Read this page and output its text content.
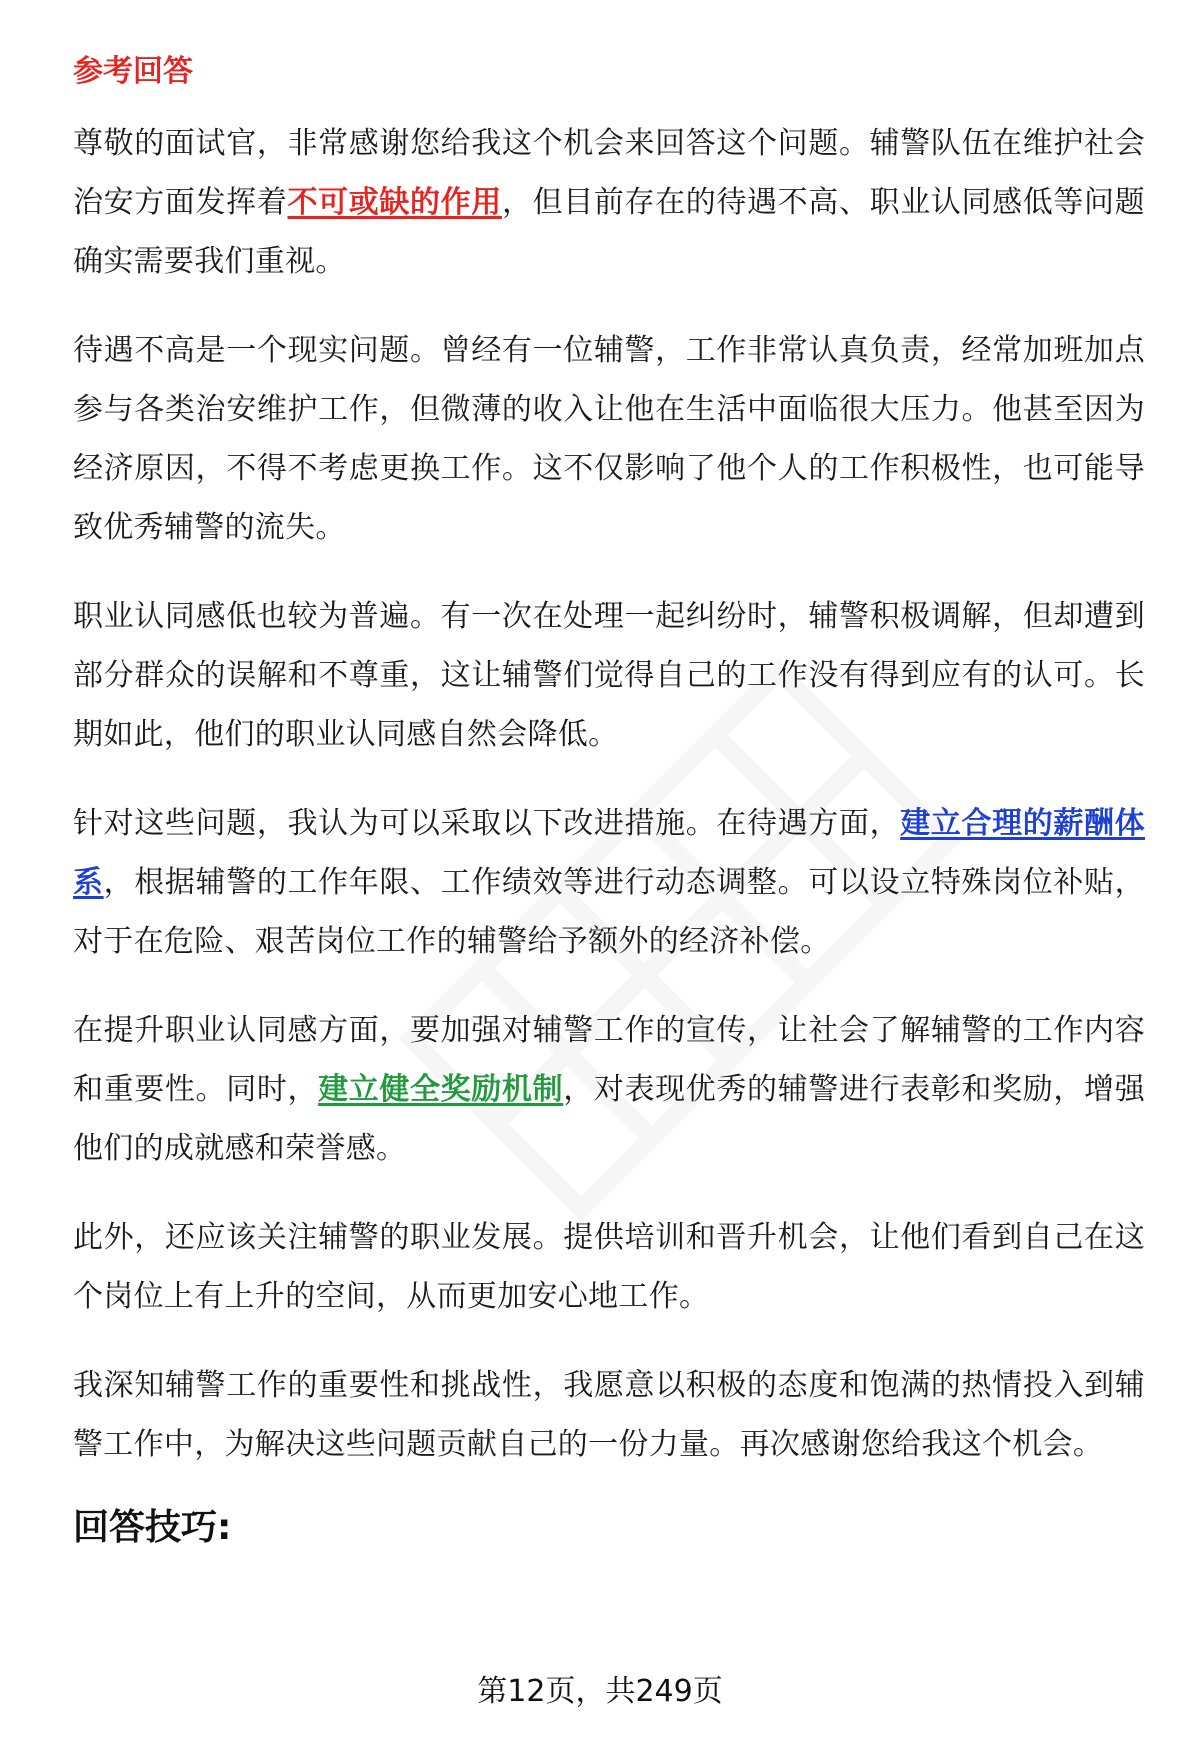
参考回答

尊敬的面试官，非常感谢您给我这个机会来回答这个问题。辅警队伍在维护社会治安方面发挥着不可或缺的作用，但目前存在的待遇不高、职业认同感低等问题确实需要我们重视。

待遇不高是一个现实问题。曾经有一位辅警，工作非常认真负责，经常加班加点参与各类治安维护工作，但微薄的收入让他在生活中面临很大压力。他甚至因为经济原因，不得不考虑更换工作。这不仅影响了他个人的工作积极性，也可能导致优秀辅警的流失。

职业认同感低也较为普遍。有一次在处理一起纠纷时，辅警积极调解，但却遭到部分群众的误解和不尊重，这让辅警们觉得自己的工作没有得到应有的认可。长期如此，他们的职业认同感自然会降低。

针对这些问题，我认为可以采取以下改进措施。在待遇方面，建立合理的薪酬体系，根据辅警的工作年限、工作绩效等进行动态调整。可以设立特殊岗位补贴，对于在危险、艰苦岗位工作的辅警给予额外的经济补偿。

在提升职业认同感方面，要加强对辅警工作的宣传，让社会了解辅警的工作内容和重要性。同时，建立健全奖励机制，对表现优秀的辅警进行表彰和奖励，增强他们的成就感和荣誉感。

此外，还应该关注辅警的职业发展。提供培训和晋升机会，让他们看到自己在这个岗位上有上升的空间，从而更加安心地工作。

我深知辅警工作的重要性和挑战性，我愿意以积极的态度和饱满的热情投入到辅警工作中，为解决这些问题贡献自己的一份力量。再次感谢您给我这个机会。

回答技巧:
第12页，共249页
